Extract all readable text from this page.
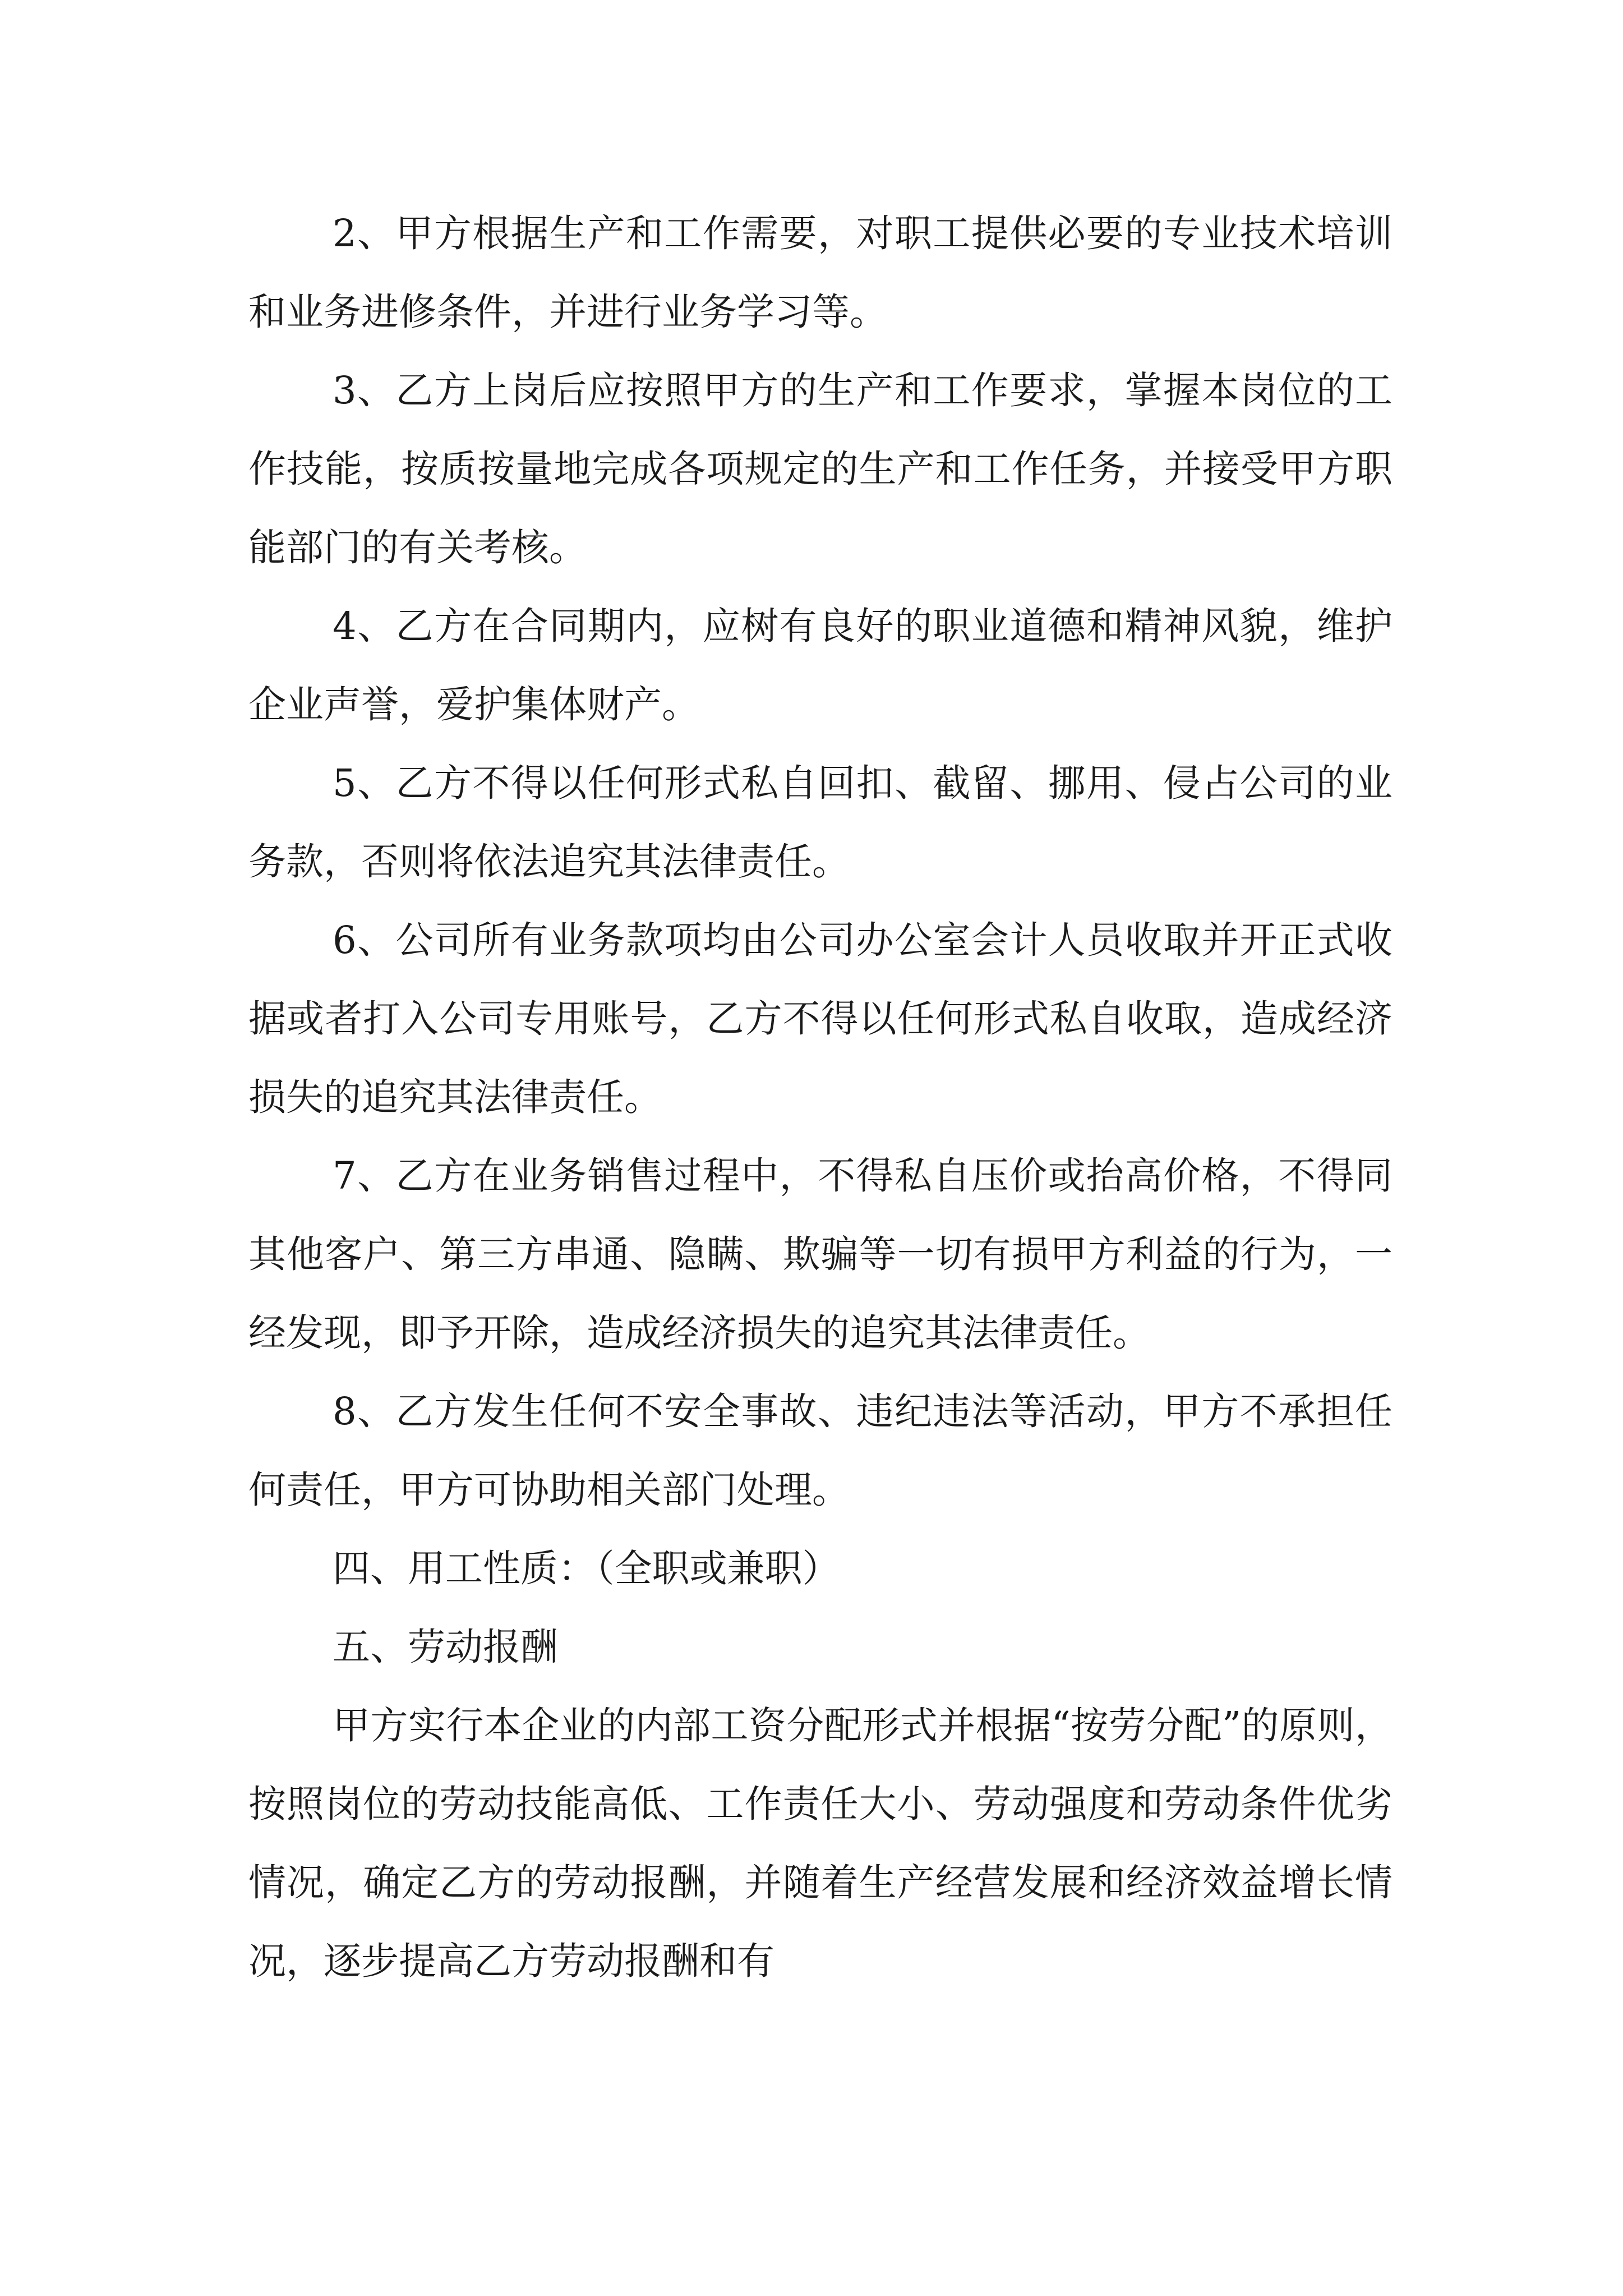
2、甲方根据生产和工作需要，对职工提供必要的专业技术培训和业务进修条件，并进行业务学习等。

3、乙方上岗后应按照甲方的生产和工作要求，掌握本岗位的工作技能，按质按量地完成各项规定的生产和工作任务，并接受甲方职能部门的有关考核。

4、乙方在合同期内，应树有良好的职业道德和精神风貌，维护企业声誉，爱护集体财产。

5、乙方不得以任何形式私自回扣、截留、挪用、侵占公司的业务款，否则将依法追究其法律责任。

6、公司所有业务款项均由公司办公室会计人员收取并开正式收据或者打入公司专用账号，乙方不得以任何形式私自收取，造成经济损失的追究其法律责任。

7、乙方在业务销售过程中，不得私自压价或抬高价格，不得同其他客户、第三方串通、隐瞒、欺骗等一切有损甲方利益的行为，一经发现，即予开除，造成经济损失的追究其法律责任。

8、乙方发生任何不安全事故、违纪违法等活动，甲方不承担任何责任，甲方可协助相关部门处理。

四、用工性质：（全职或兼职）

五、劳动报酬

甲方实行本企业的内部工资分配形式并根据“按劳分配”的原则，按照岗位的劳动技能高低、工作责任大小、劳动强度和劳动条件优劣情况，确定乙方的劳动报酬，并随着生产经营发展和经济效益增长情况，逐步提高乙方劳动报酬和有
